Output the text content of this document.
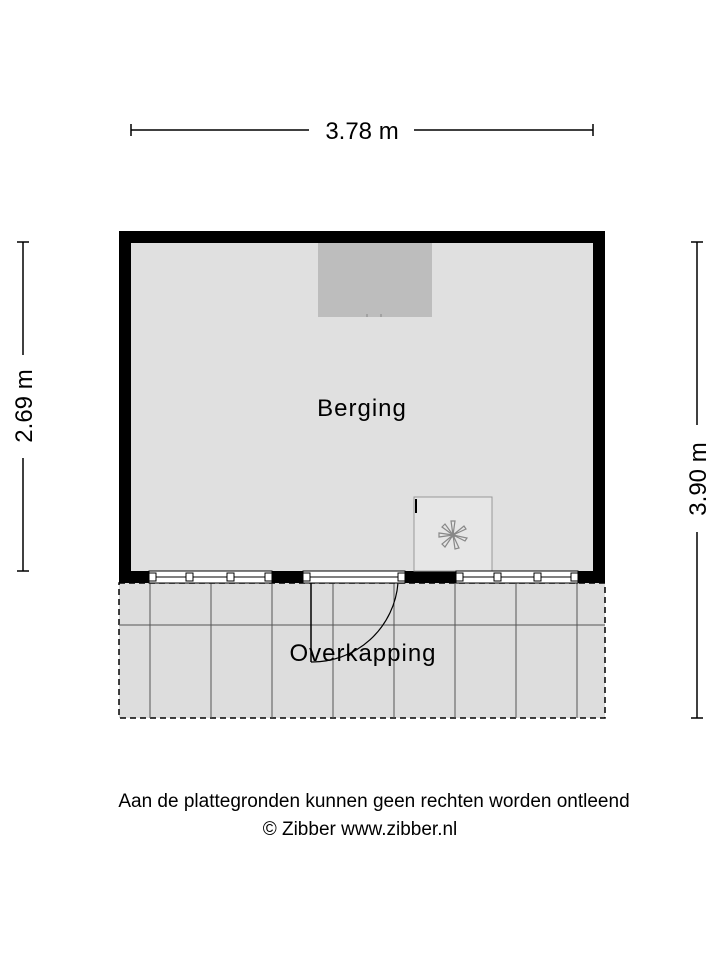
3.78 m
2.69 m
3.90 m
Berging
Overkapping
Aan de plattegronden kunnen geen rechten worden ontleend
© Zibber www.zibber.nl
